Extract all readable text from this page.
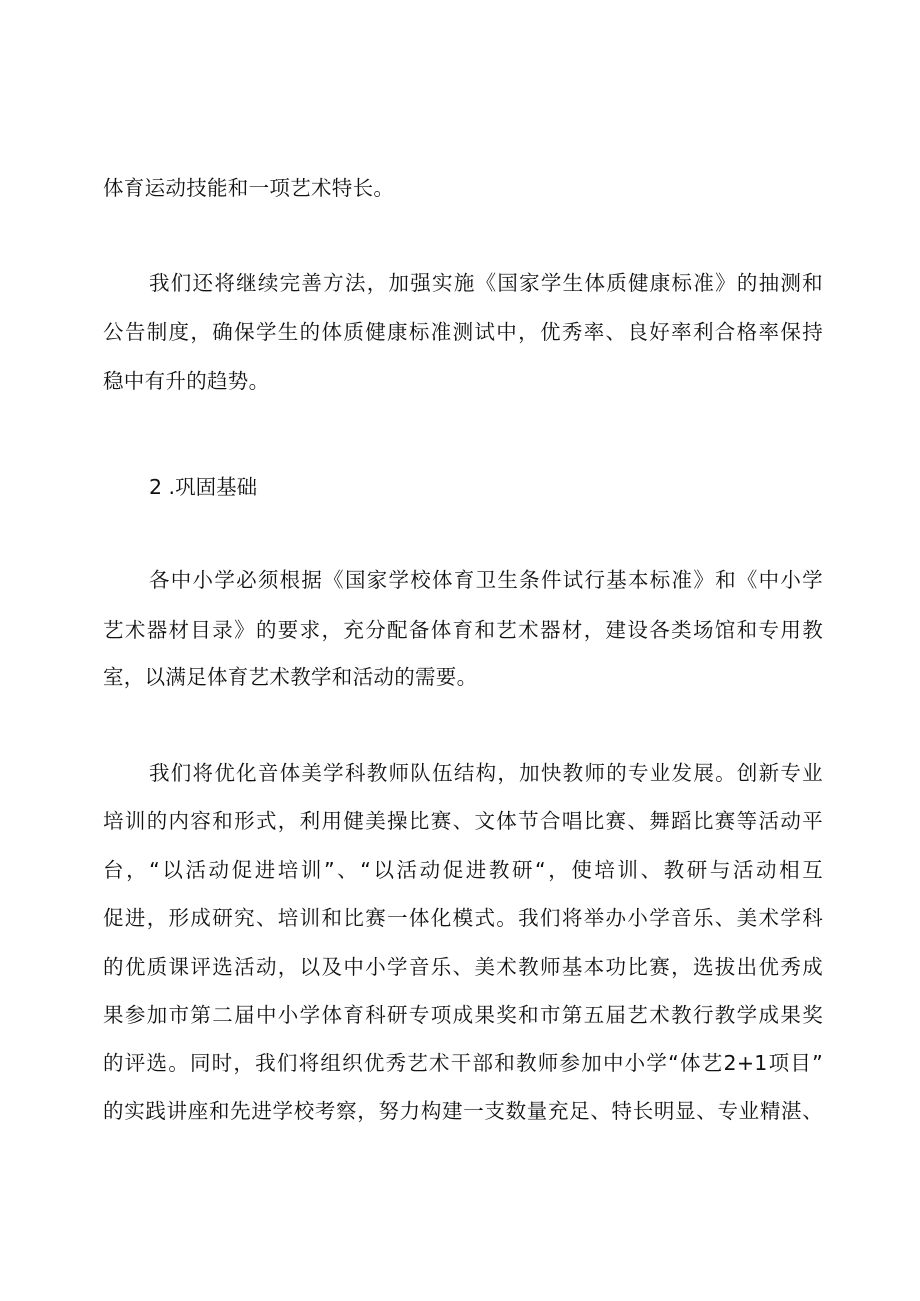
体育运动技能和一项艺术特长。
我们还将继续完善方法，加强实施《国家学生体质健康标准》的抽测和
公告制度，确保学生的体质健康标准测试中，优秀率、良好率利合格率保持
稳中有升的趋势。
2 .巩固基础
各中小学必须根据《国家学校体育卫生条件试行基本标准》和《中小学
艺术器材目录》的要求，充分配备体育和艺术器材，建设各类场馆和专用教
室，以满足体育艺术教学和活动的需要。
我们将优化音体美学科教师队伍结构，加快教师的专业发展。创新专业
培训的内容和形式，利用健美操比赛、文体节合唱比赛、舞蹈比赛等活动平
台，“以活动促进培训”、“以活动促进教研“，使培训、教研与活动相互
促进，形成研究、培训和比赛一体化模式。我们将举办小学音乐、美术学科
的优质课评选活动，以及中小学音乐、美术教师基本功比赛，选拔出优秀成
果参加市第二届中小学体育科研专项成果奖和市第五届艺术教行教学成果奖
的评选。同时，我们将组织优秀艺术干部和教师参加中小学“体艺2+1项目”
的实践讲座和先进学校考察，努力构建一支数量充足、特长明显、专业精湛、
